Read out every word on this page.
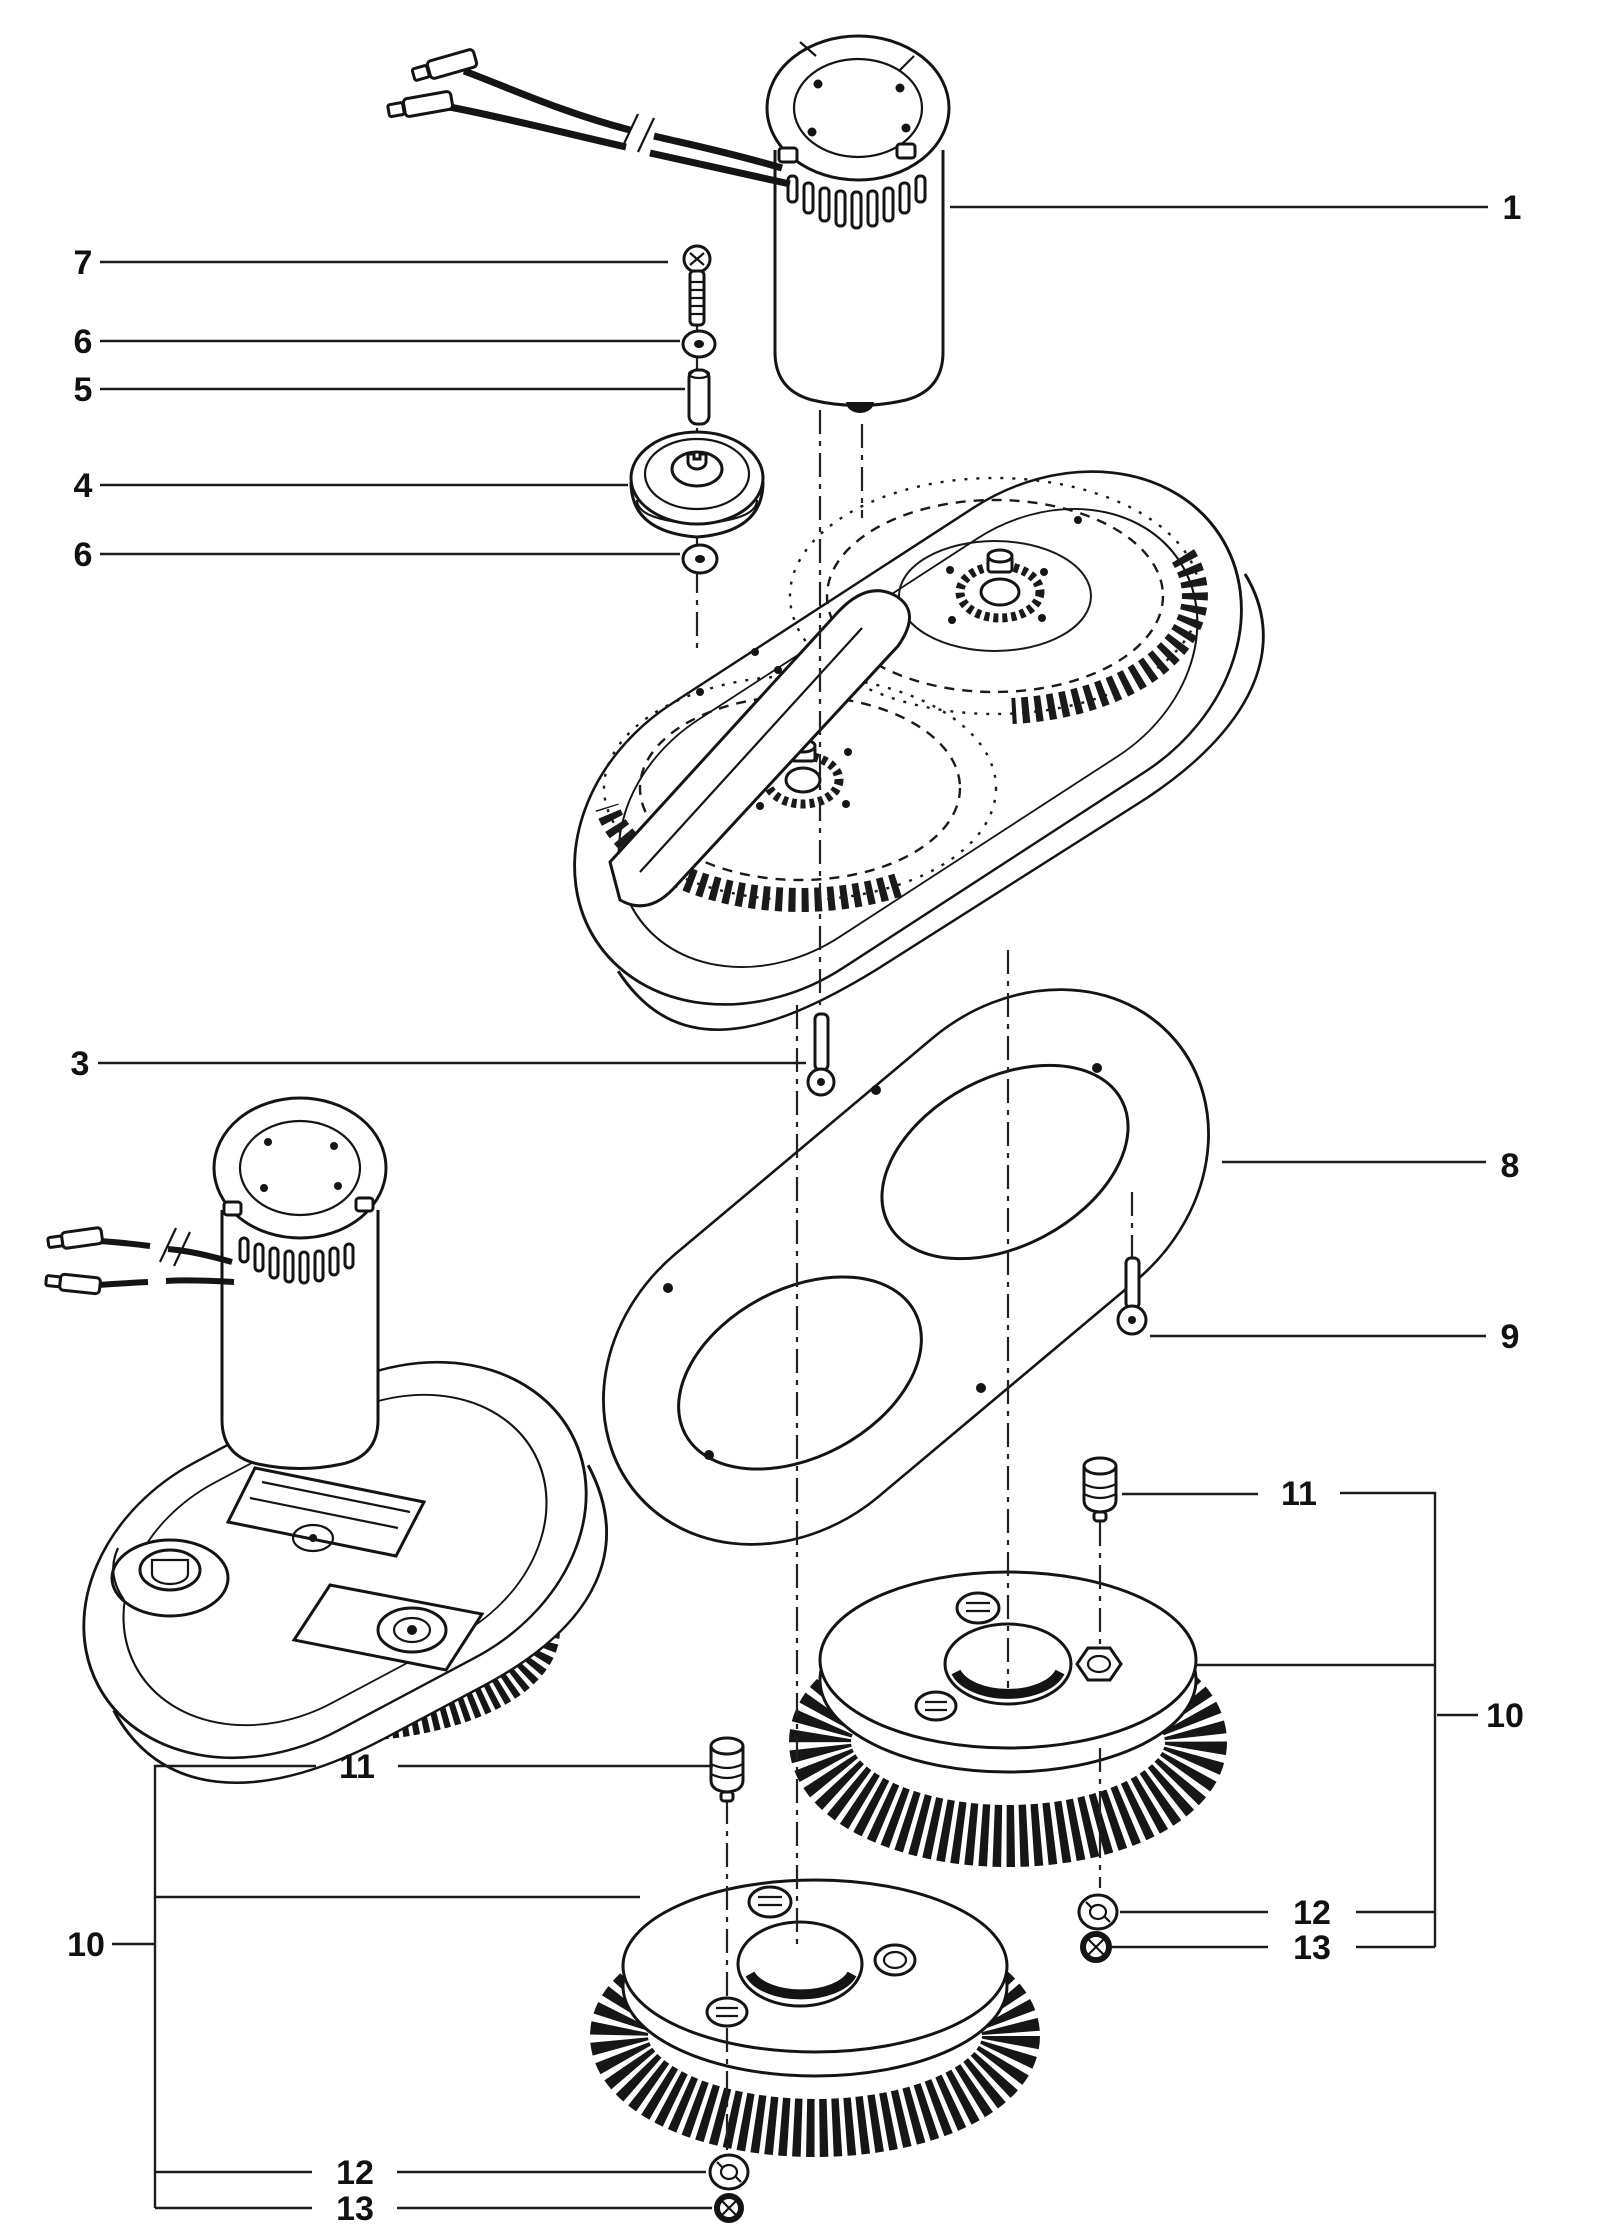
1
7
6
5
4
6
3
8
9
11
10
12
13
11
10
12
13
